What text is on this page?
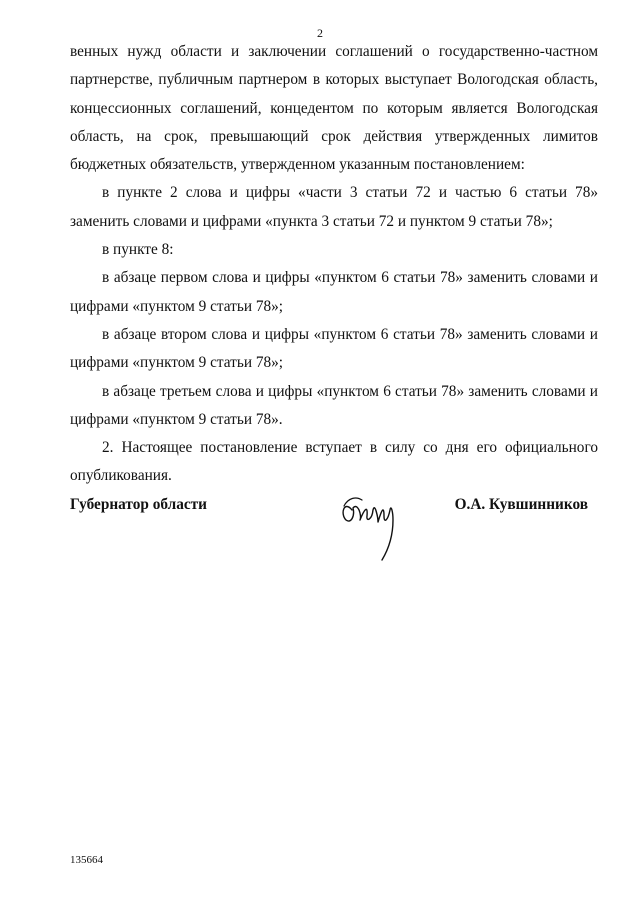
2

венных нужд области и заключении соглашений о государственно-частном партнерстве, публичным партнером в которых выступает Вологодская область, концессионных соглашений, концедентом по которым является Вологодская область, на срок, превышающий срок действия утвержденных лимитов бюджетных обязательств, утвержденном указанным постановлением:

в пункте 2 слова и цифры «части 3 статьи 72 и частью 6 статьи 78» заменить словами и цифрами «пункта 3 статьи 72 и пунктом 9 статьи 78»;

в пункте 8:

в абзаце первом слова и цифры «пунктом 6 статьи 78» заменить словами и цифрами «пунктом 9 статьи 78»;

в абзаце втором слова и цифры «пунктом 6 статьи 78» заменить словами и цифрами «пунктом 9 статьи 78»;

в абзаце третьем слова и цифры «пунктом 6 статьи 78» заменить словами и цифрами «пунктом 9 статьи 78».

2. Настоящее постановление вступает в силу со дня его официального опубликования.

Губернатор области	О.А. Кувшинников
135664
